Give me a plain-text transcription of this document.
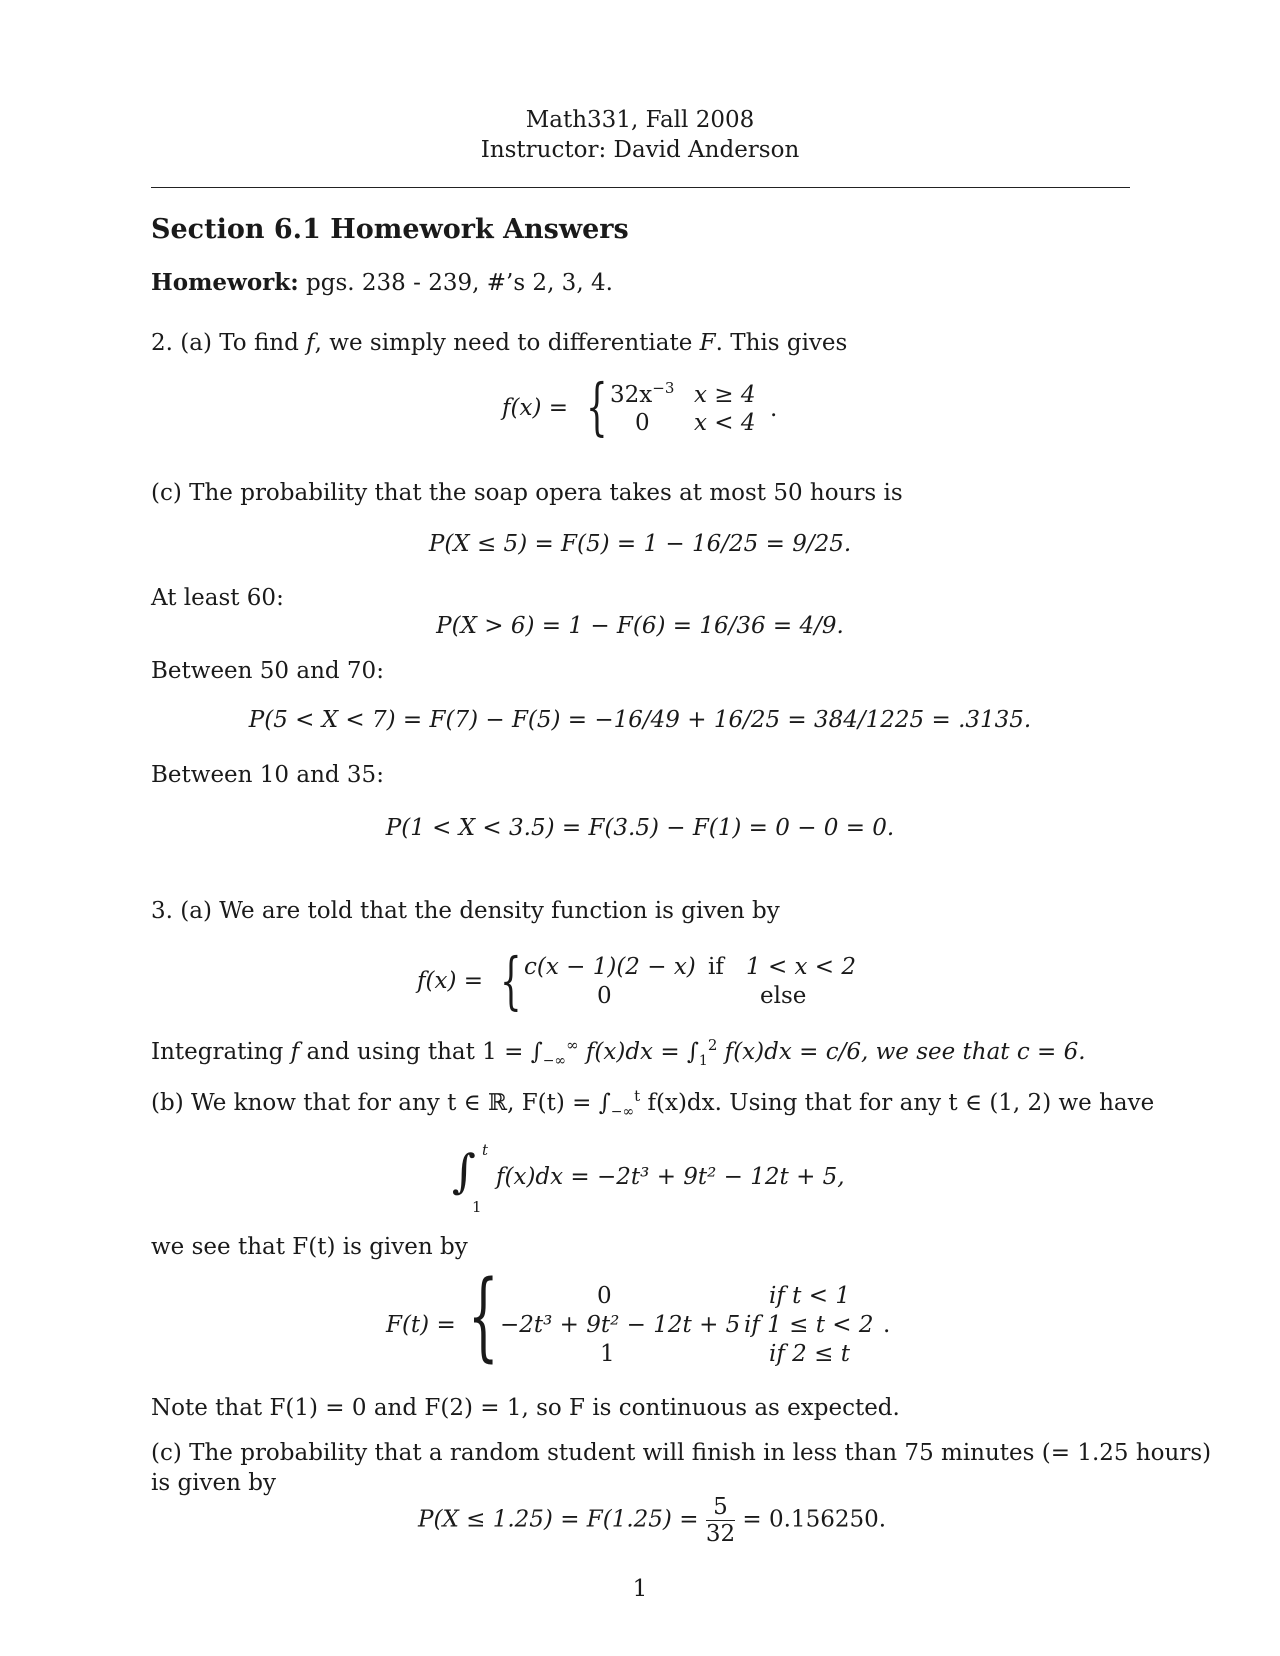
Math331, Fall 2008
Instructor: David Anderson
Section 6.1 Homework Answers
Homework: pgs. 238 - 239, #’s 2, 3, 4.
2. (a) To find f, we simply need to differentiate F. This gives
f(x) = { $32x^{-3}$ x ≥ 4
0 x < 4
.
(c) The probability that the soap opera takes at most 50 hours is
P(X ≤ 5) = F(5) = 1 − 16/25 = 9/25.
At least 60:
P(X > 6) = 1 − F(6) = 16/36 = 4/9.
Between 50 and 70:
P(5 < X < 7) = F(7) − F(5) = −16/49 + 16/25 = 384/1225 = .3135.
Between 10 and 35:
P(1 < X < 3.5) = F(3.5) − F(1) = 0 − 0 = 0.
3. (a) We are told that the density function is given by
f(x) = { c(x − 1)(2 − x) if 1 < x < 2
0	else
Integrating f and using that $1 = \int_{-\infty}^\infty$ $f(x)dx = \int_1^2$ f(x)dx = c/6, we see that c = 6.
(b) We know that for any t ∈ ℝ, $F(t) = \int_{-\infty}^t$ f(x)dx. Using that for any t ∈ (1, 2) we have
∫ t
1
f(x)dx = −2t³ + 9t² − 12t + 5,
we see that F(t) is given by
F(t) = {	0	if t < 1
−2t³ + 9t² − 12t + 5 if 1 ≤ t < 2
1	if 2 ≤ t
.
Note that F(1) = 0 and F(2) = 1, so F is continuous as expected.
(c) The probability that a random student will finish in less than 75 minutes (= 1.25 hours)
is given by
$P(X \le 1.25) = F(1.25) = \frac{5}{32} = 0.156250$.
1
